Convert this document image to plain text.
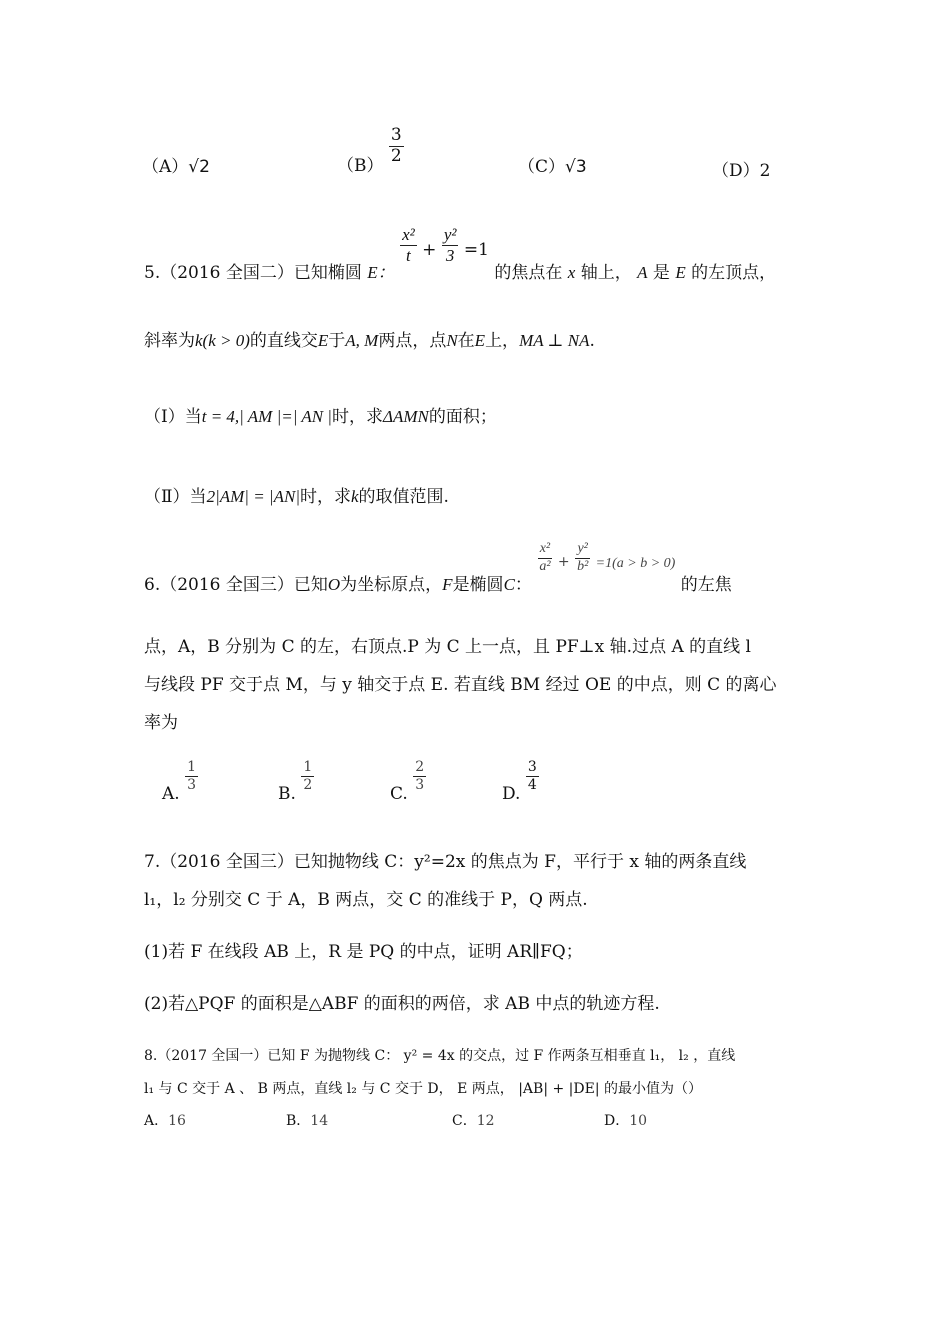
（A）√2	（B）
$\frac{3}{2}$
（C）√3	（D）2
5.（2016 全国二）已知椭圆 E：
$\frac{\text{x²}}{t} + \frac{\text{y²}}{3} =1$ 的焦点在 x 轴上， A 是 E 的左顶点，
斜率为k(k > 0)的直线交E于A, M两点，点N在E上，MA ⊥ NA.
（Ⅰ）当t = 4,| AM |=| AN |时，求ΔAMN的面积；
（Ⅱ）当2|AM| = |AN|时，求k的取值范围.
6.（2016 全国三）已知O为坐标原点，F是椭圆C：
$\frac{\text{x²}}{\text{a²}} + \frac{\text{y²}}{\text{b²}} =1(a > b > 0)$ 的左焦
点，A，B 分别为 C 的左，右顶点.P 为 C 上一点，且 PF⊥x 轴.过点 A 的直线 l
与线段 PF 交于点 M，与 y 轴交于点 E. 若直线 BM 经过 OE 的中点，则 C 的离心
率为
A.
$\frac{1}{3}$
B.
$\frac{1}{2}$
C.
$\frac{2}{3}$
D.
$\frac{3}{4}$
7.（2016 全国三）已知抛物线 C：y²=2x 的焦点为 F，平行于 x 轴的两条直线
l₁，l₂ 分别交 C 于 A，B 两点，交 C 的准线于 P，Q 两点.
(1)若 F 在线段 AB 上，R 是 PQ 的中点，证明 AR∥FQ；
(2)若△PQF 的面积是△ABF 的面积的两倍，求 AB 中点的轨迹方程.
8.（2017 全国一）已知 F 为抛物线 C： y² = 4x 的交点，过 F 作两条互相垂直 l₁， l₂ ，直线
l₁ 与 C 交于 A 、 B 两点，直线 l₂ 与 C 交于 D， E 两点， |AB| + |DE| 的最小值为（）
A．16	B．14	C．12	D．10
